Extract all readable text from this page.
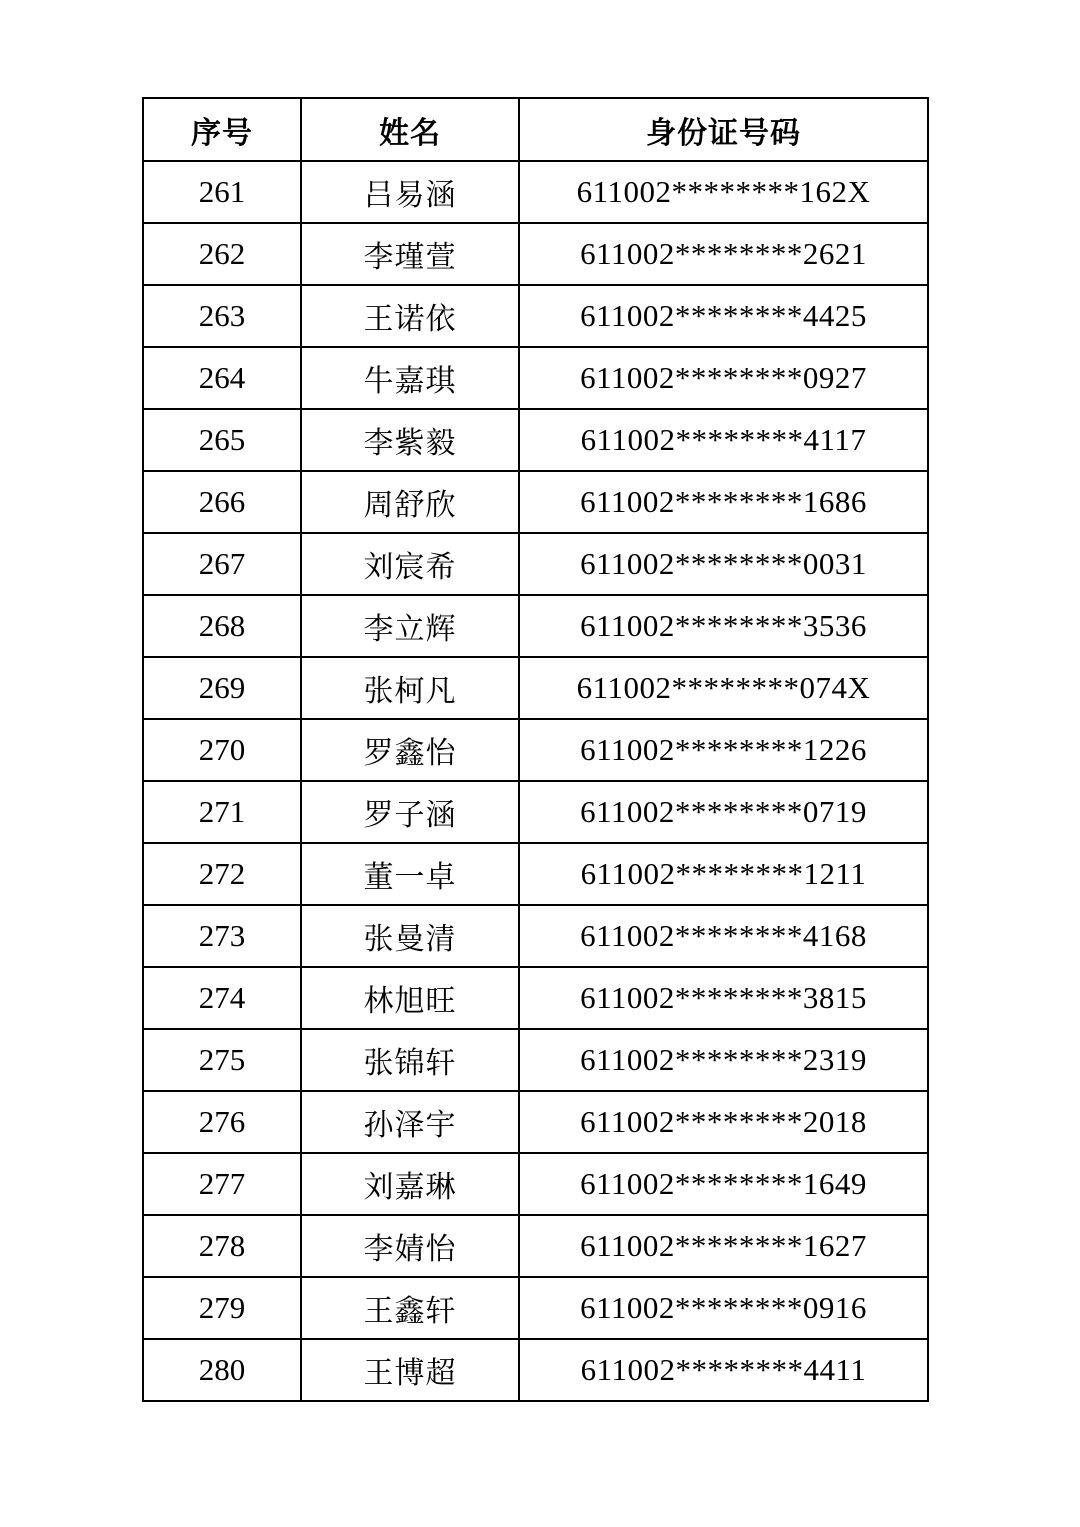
序号	姓名	身份证号码
261	吕易涵	611002********162X
262	李瑾萱	611002********2621
263	王诺依	611002********4425
264	牛嘉琪	611002********0927
265	李紫毅	611002********4117
266	周舒欣	611002********1686
267	刘宸希	611002********0031
268	李立辉	611002********3536
269	张柯凡	611002********074X
270	罗鑫怡	611002********1226
271	罗子涵	611002********0719
272	董一卓	611002********1211
273	张曼清	611002********4168
274	林旭旺	611002********3815
275	张锦轩	611002********2319
276	孙泽宇	611002********2018
277	刘嘉琳	611002********1649
278	李婧怡	611002********1627
279	王鑫轩	611002********0916
280	王博超	611002********4411
